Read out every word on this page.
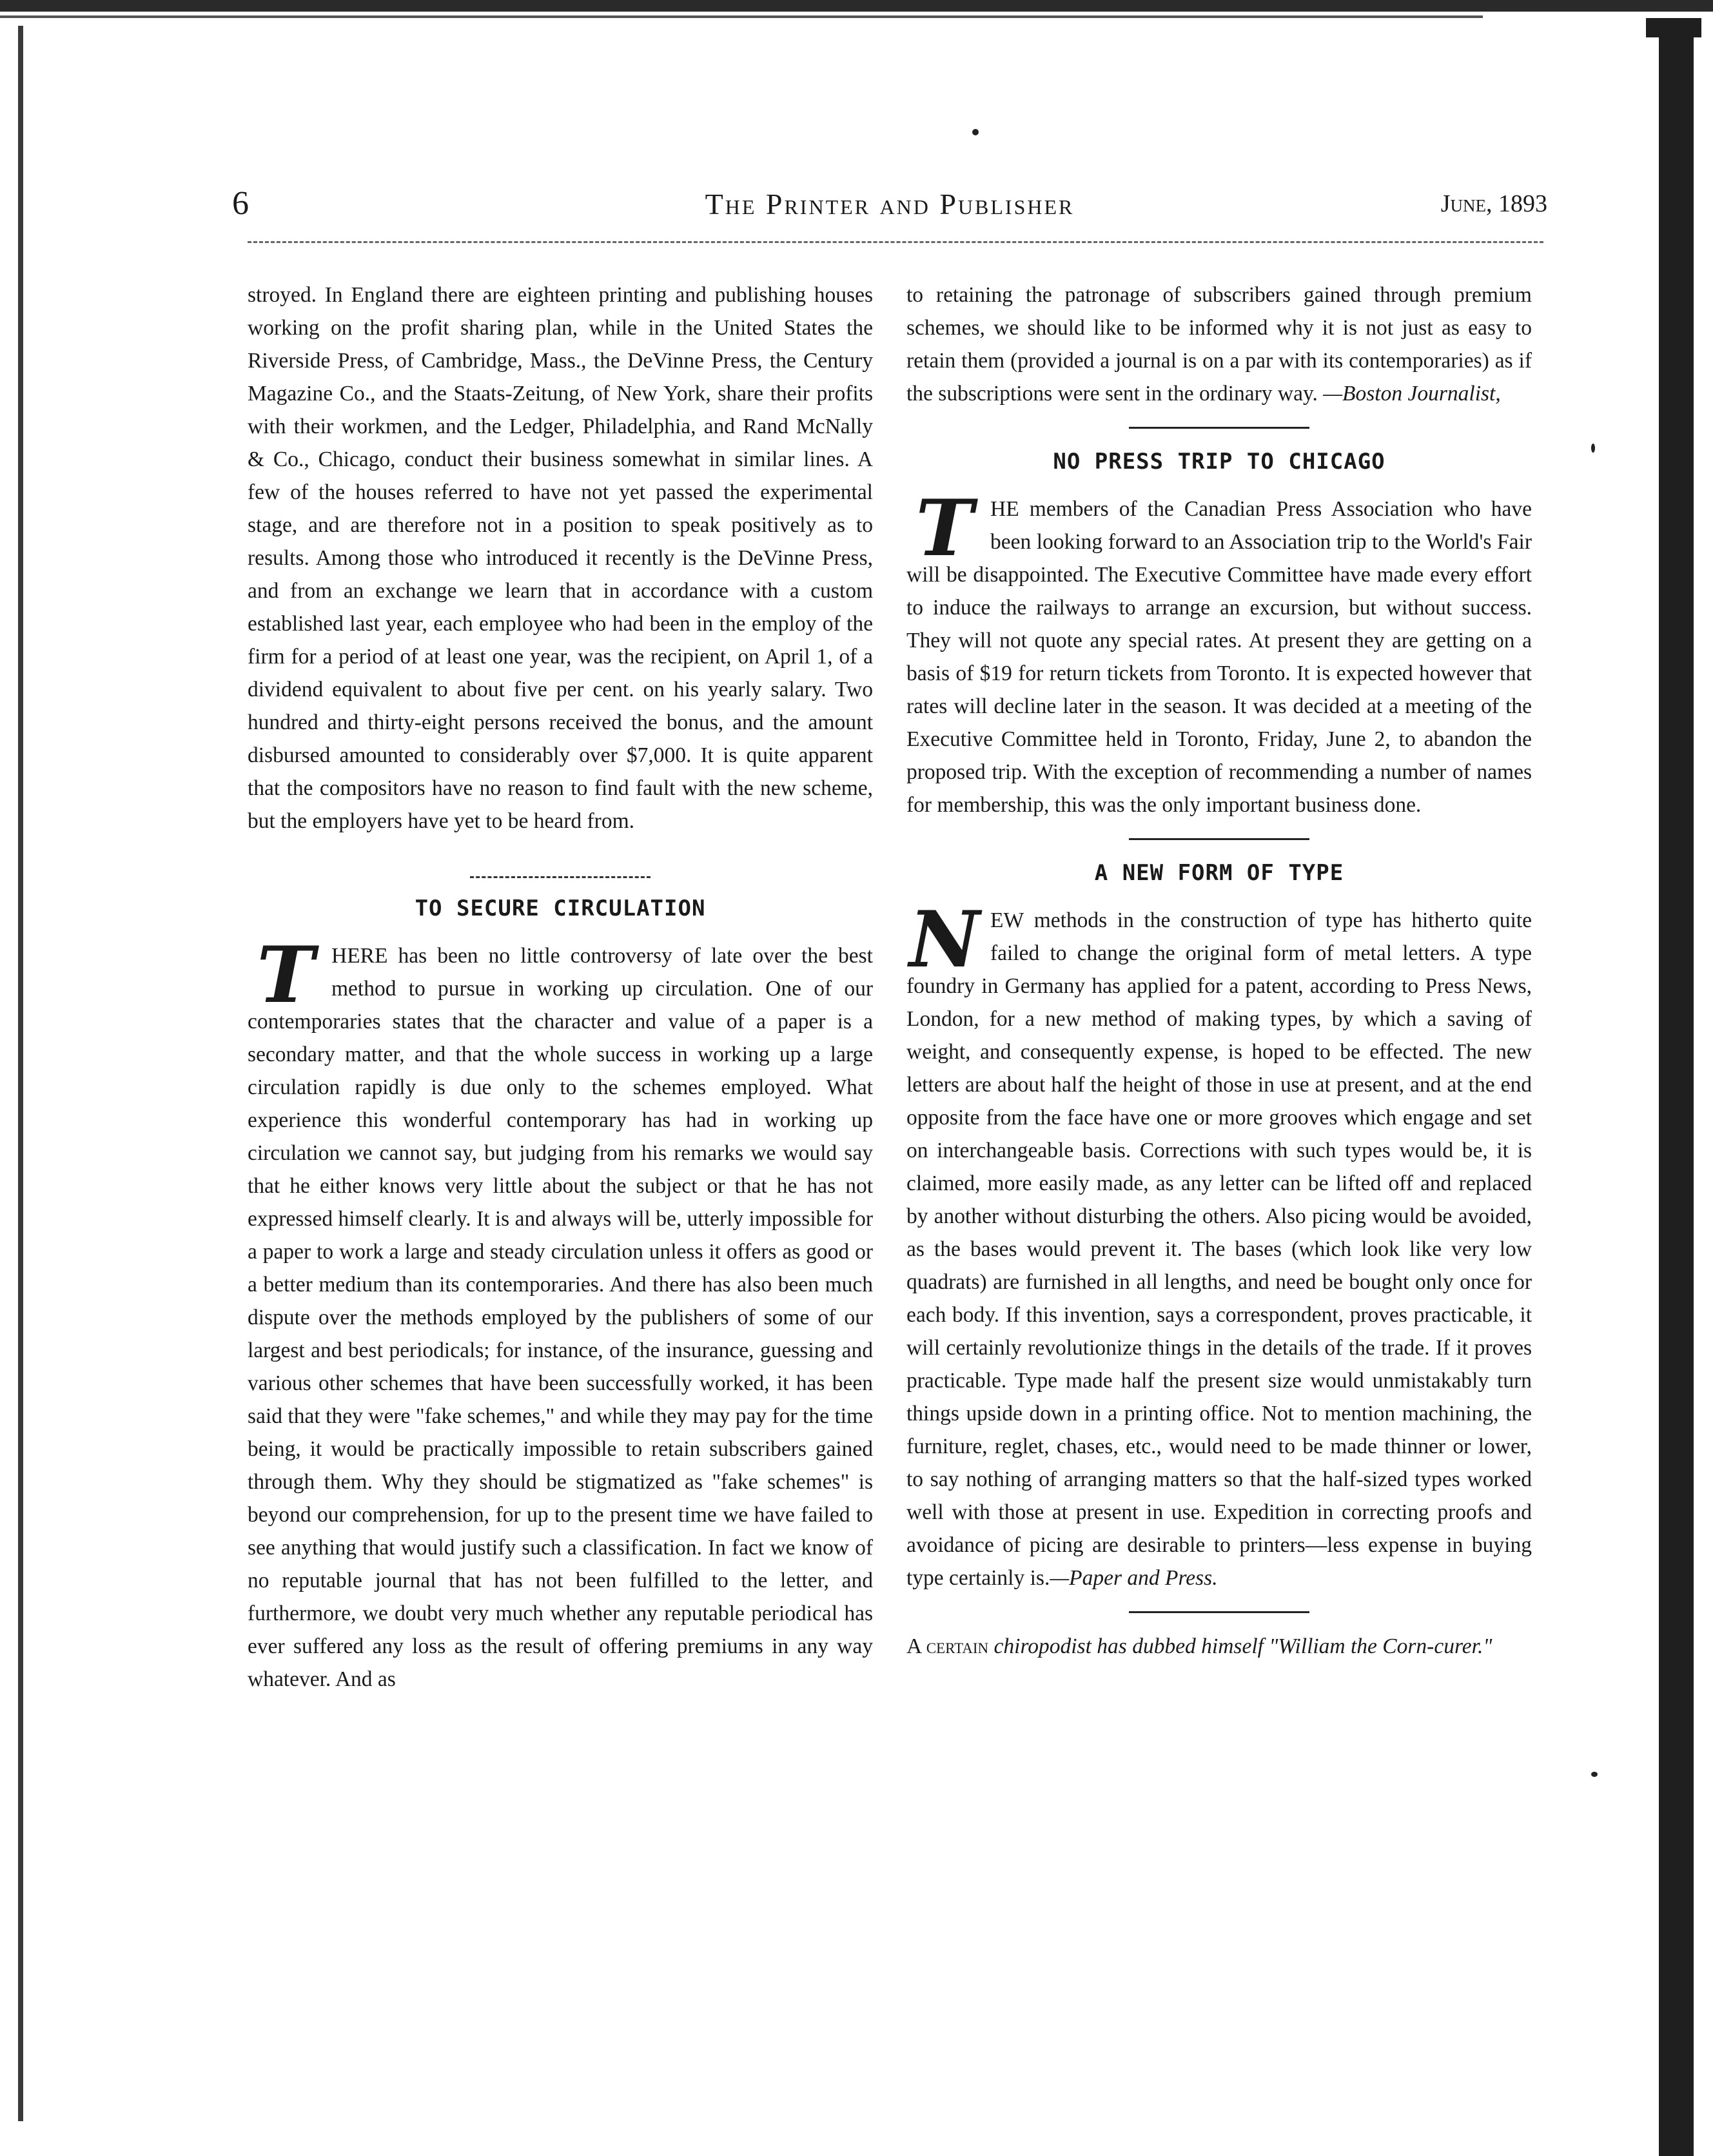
6	The Printer and Publisher	June, 1893

stroyed. In England there are eighteen printing and publishing houses working on the profit sharing plan, while in the United States the Riverside Press, of Cambridge, Mass., the DeVinne Press, the Century Magazine Co., and the Staats-Zeitung, of New York, share their profits with their workmen, and the Ledger, Philadelphia, and Rand McNally & Co., Chicago, conduct their business somewhat in similar lines. A few of the houses referred to have not yet passed the experimental stage, and are therefore not in a position to speak positively as to results. Among those who introduced it recently is the DeVinne Press, and from an exchange we learn that in accordance with a custom established last year, each employee who had been in the employ of the firm for a period of at least one year, was the recipient, on April 1, of a dividend equivalent to about five per cent. on his yearly salary. Two hundred and thirty-eight persons received the bonus, and the amount disbursed amounted to considerably over $7,000. It is quite apparent that the compositors have no reason to find fault with the new scheme, but the employers have yet to be heard from.

TO SECURE CIRCULATION

THERE has been no little controversy of late over the best method to pursue in working up circulation. One of our contemporaries states that the character and value of a paper is a secondary matter, and that the whole success in working up a large circulation rapidly is due only to the schemes employed. What experience this wonderful contemporary has had in working up circulation we cannot say, but judging from his remarks we would say that he either knows very little about the subject or that he has not expressed himself clearly. It is and always will be, utterly impossible for a paper to work a large and steady circulation unless it offers as good or a better medium than its contemporaries. And there has also been much dispute over the methods employed by the publishers of some of our largest and best periodicals; for instance, of the insurance, guessing and various other schemes that have been successfully worked, it has been said that they were "fake schemes," and while they may pay for the time being, it would be practically impossible to retain subscribers gained through them. Why they should be stigmatized as "fake schemes" is beyond our comprehension, for up to the present time we have failed to see anything that would justify such a classification. In fact we know of no reputable journal that has not been fulfilled to the letter, and furthermore, we doubt very much whether any reputable periodical has ever suffered any loss as the result of offering premiums in any way whatever. And as

to retaining the patronage of subscribers gained through premium schemes, we should like to be informed why it is not just as easy to retain them (provided a journal is on a par with its contemporaries) as if the subscriptions were sent in the ordinary way. —Boston Journalist,

NO PRESS TRIP TO CHICAGO

THE members of the Canadian Press Association who have been looking forward to an Association trip to the World's Fair will be disappointed. The Executive Committee have made every effort to induce the railways to arrange an excursion, but without success. They will not quote any special rates. At present they are getting on a basis of $19 for return tickets from Toronto. It is expected however that rates will decline later in the season. It was decided at a meeting of the Executive Committee held in Toronto, Friday, June 2, to abandon the proposed trip. With the exception of recommending a number of names for membership, this was the only important business done.

A NEW FORM OF TYPE

NEW methods in the construction of type has hitherto quite failed to change the original form of metal letters. A type foundry in Germany has applied for a patent, according to Press News, London, for a new method of making types, by which a saving of weight, and consequently expense, is hoped to be effected. The new letters are about half the height of those in use at present, and at the end opposite from the face have one or more grooves which engage and set on interchangeable basis. Corrections with such types would be, it is claimed, more easily made, as any letter can be lifted off and replaced by another without disturbing the others. Also picing would be avoided, as the bases would prevent it. The bases (which look like very low quadrats) are furnished in all lengths, and need be bought only once for each body. If this invention, says a correspondent, proves practicable, it will certainly revolutionize things in the details of the trade. If it proves practicable. Type made half the present size would unmistakably turn things upside down in a printing office. Not to mention machining, the furniture, reglet, chases, etc., would need to be made thinner or lower, to say nothing of arranging matters so that the half-sized types worked well with those at present in use. Expedition in correcting proofs and avoidance of picing are desirable to printers—less expense in buying type certainly is.—Paper and Press.

A certain chiropodist has dubbed himself "William the Corn-curer."
